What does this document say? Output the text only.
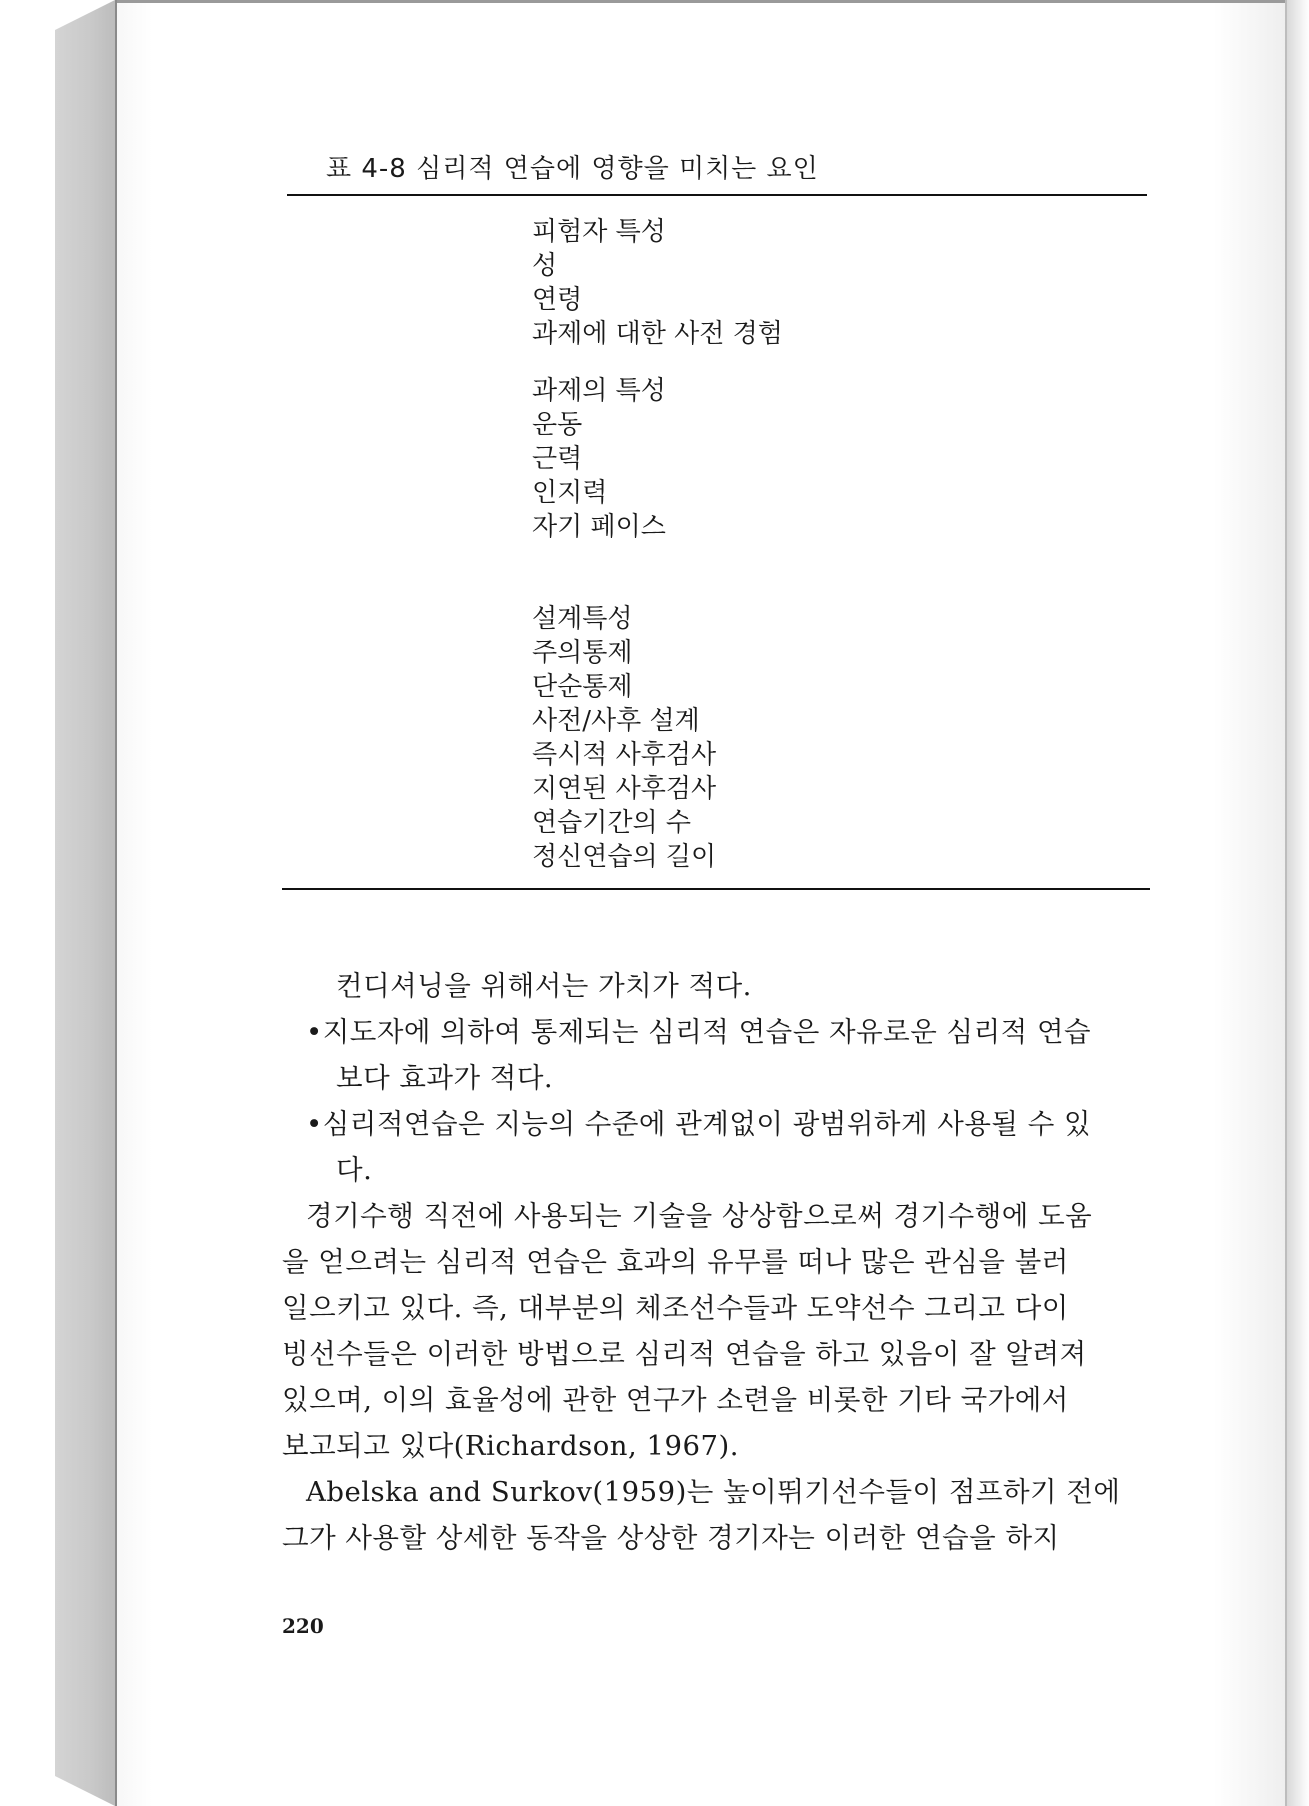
표 4-8 심리적 연습에 영향을 미치는 요인
피험자 특성
성
연령
과제에 대한 사전 경험
과제의 특성
운동
근력
인지력
자기 페이스
설계특성
주의통제
단순통제
사전/사후 설계
즉시적 사후검사
지연된 사후검사
연습기간의 수
정신연습의 길이
컨디셔닝을 위해서는 가치가 적다.
•지도자에 의하여 통제되는 심리적 연습은 자유로운 심리적 연습
보다 효과가 적다.
•심리적연습은 지능의 수준에 관계없이 광범위하게 사용될 수 있
다.
경기수행 직전에 사용되는 기술을 상상함으로써 경기수행에 도움
을 얻으려는 심리적 연습은 효과의 유무를 떠나 많은 관심을 불러
일으키고 있다. 즉, 대부분의 체조선수들과 도약선수 그리고 다이
빙선수들은 이러한 방법으로 심리적 연습을 하고 있음이 잘 알려져
있으며, 이의 효율성에 관한 연구가 소련을 비롯한 기타 국가에서
보고되고 있다(Richardson, 1967).
Abelska and Surkov(1959)는 높이뛰기선수들이 점프하기 전에
그가 사용할 상세한 동작을 상상한 경기자는 이러한 연습을 하지
220
